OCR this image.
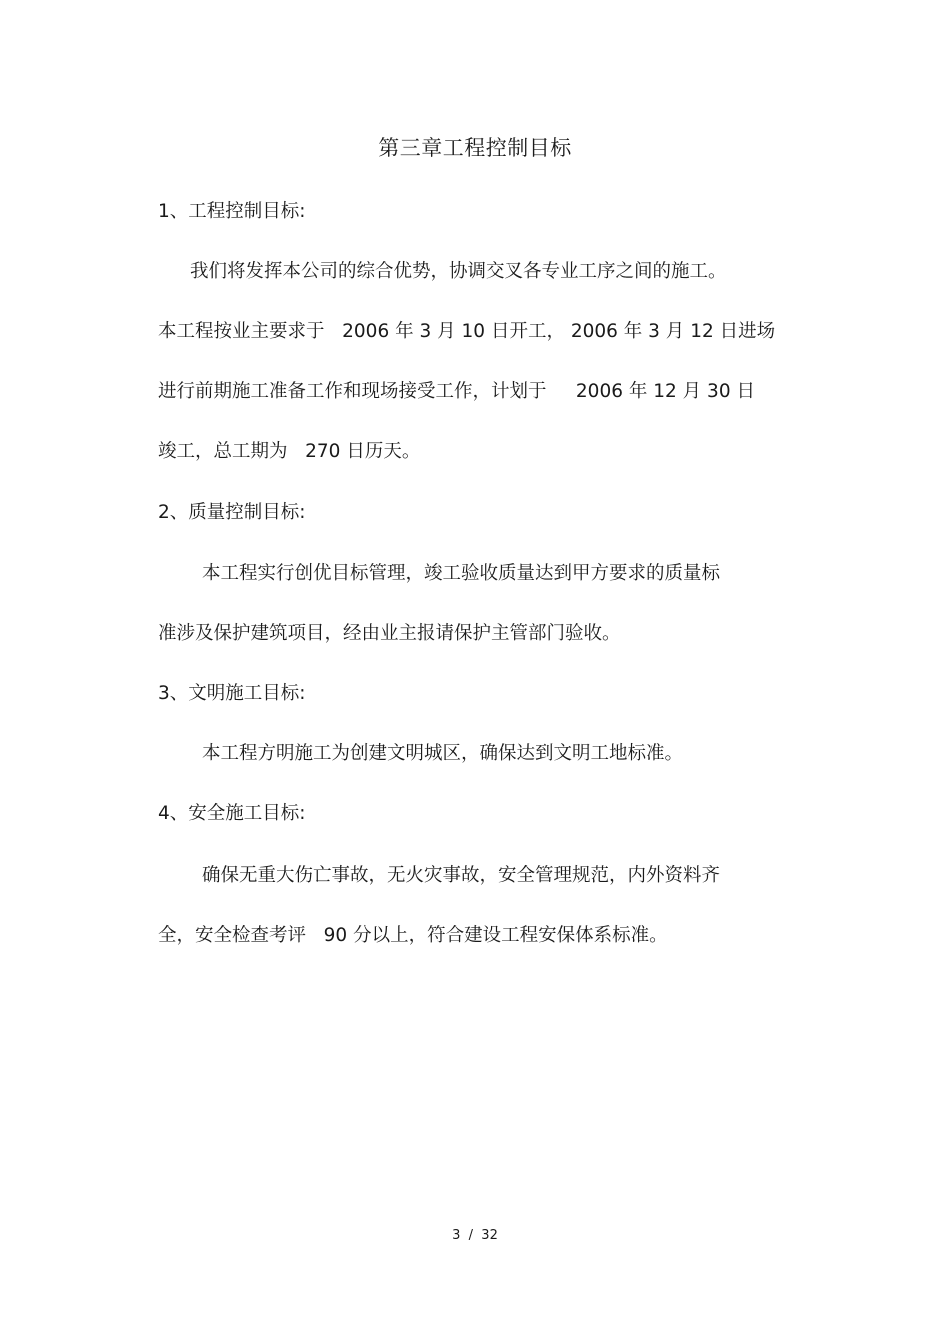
第三章工程控制目标
1、工程控制目标:
我们将发挥本公司的综合优势，协调交叉各专业工序之间的施工。
本工程按业主要求于   2006 年 3 月 10 日开工， 2006 年 3 月 12 日进场
进行前期施工准备工作和现场接受工作，计划于     2006 年 12 月 30 日
竣工，总工期为   270 日历天。
2、质量控制目标:
本工程实行创优目标管理，竣工验收质量达到甲方要求的质量标
准涉及保护建筑项目，经由业主报请保护主管部门验收。
3、文明施工目标:
本工程方明施工为创建文明城区，确保达到文明工地标准。
4、安全施工目标:
确保无重大伤亡事故，无火灾事故，安全管理规范，内外资料齐
全，安全检查考评   90 分以上，符合建设工程安保体系标准。
3  /  32
